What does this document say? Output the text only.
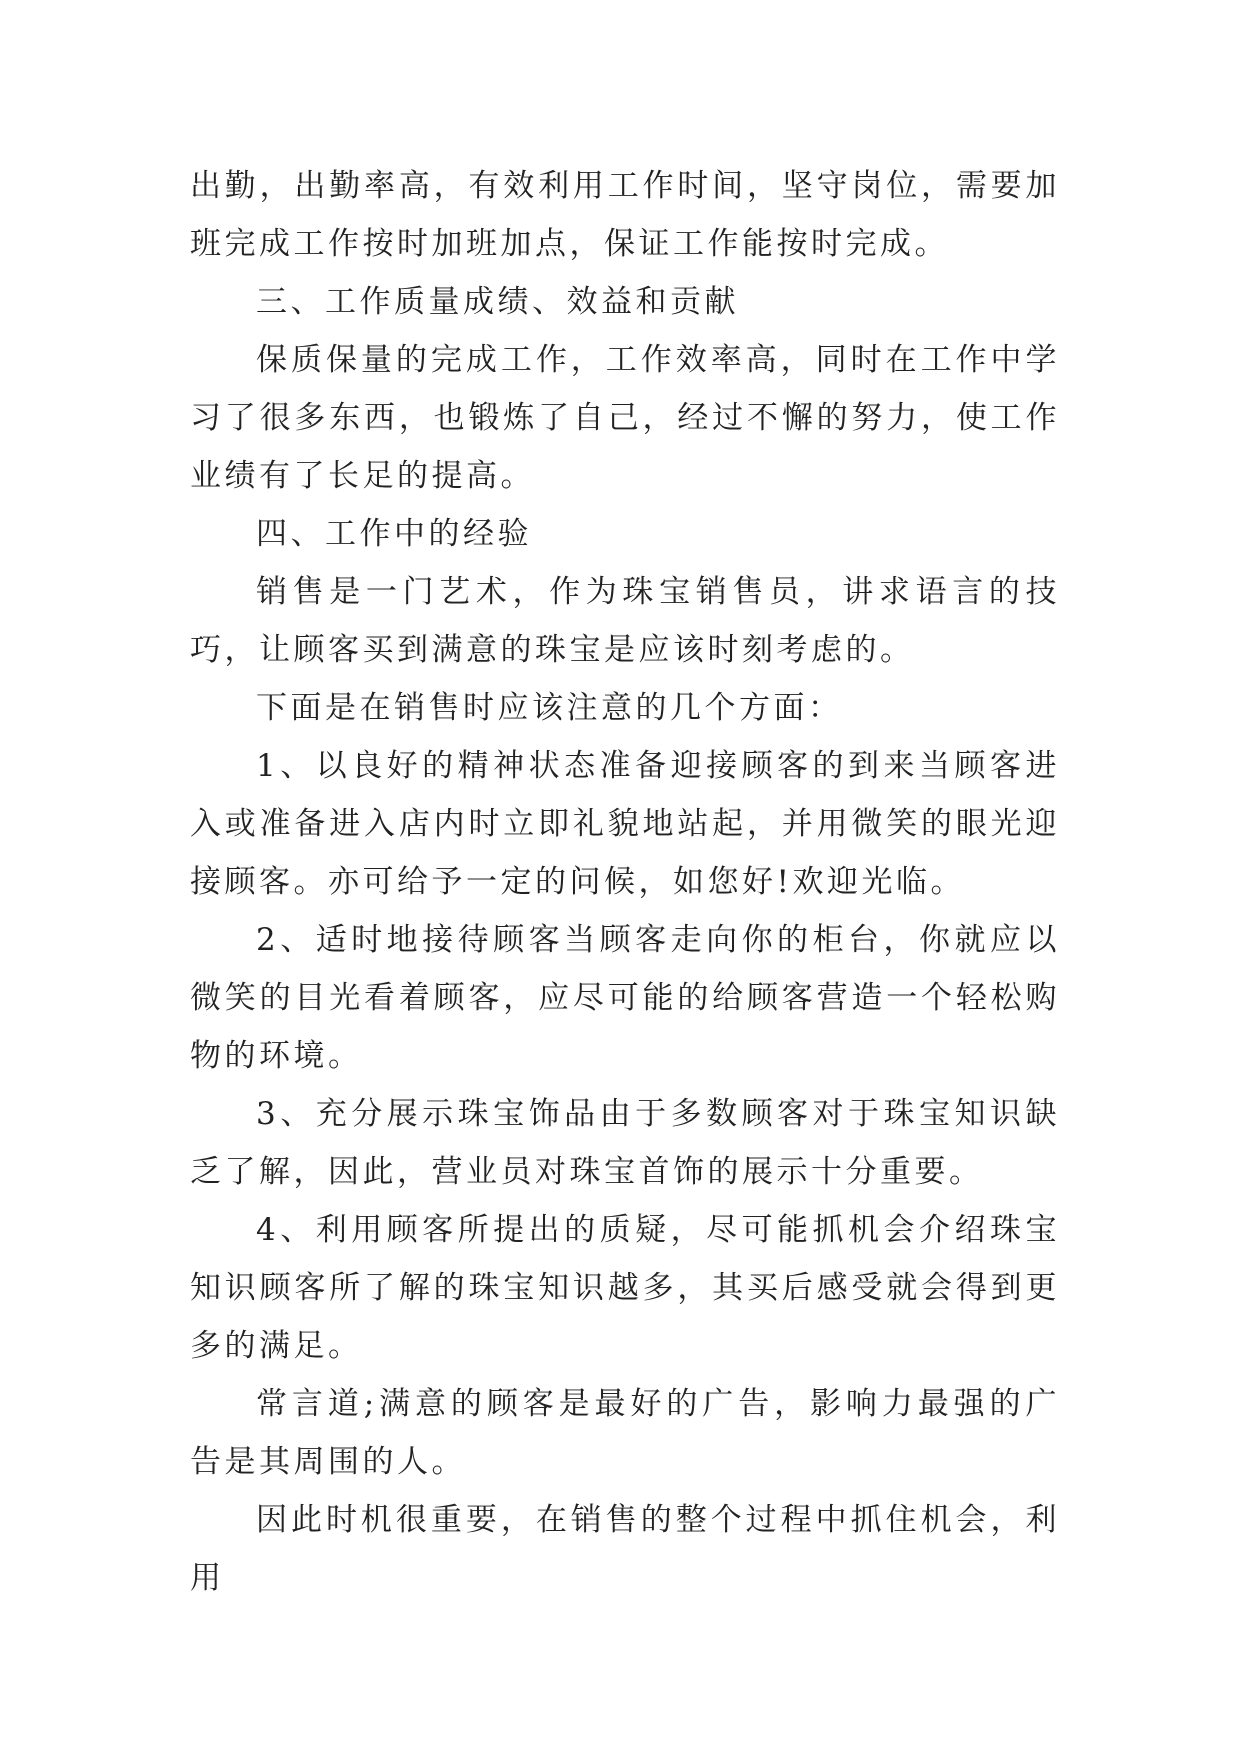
出勤，出勤率高，有效利用工作时间，坚守岗位，需要加班完成工作按时加班加点，保证工作能按时完成。

三、工作质量成绩、效益和贡献

保质保量的完成工作，工作效率高，同时在工作中学习了很多东西，也锻炼了自己，经过不懈的努力，使工作业绩有了长足的提高。

四、工作中的经验

销售是一门艺术，作为珠宝销售员，讲求语言的技巧，让顾客买到满意的珠宝是应该时刻考虑的。

下面是在销售时应该注意的几个方面：

1、以良好的精神状态准备迎接顾客的到来当顾客进入或准备进入店内时立即礼貌地站起，并用微笑的眼光迎接顾客。亦可给予一定的问候，如您好!欢迎光临。

2、适时地接待顾客当顾客走向你的柜台，你就应以微笑的目光看着顾客，应尽可能的给顾客营造一个轻松购物的环境。

3、充分展示珠宝饰品由于多数顾客对于珠宝知识缺乏了解，因此，营业员对珠宝首饰的展示十分重要。

4、利用顾客所提出的质疑，尽可能抓机会介绍珠宝知识顾客所了解的珠宝知识越多，其买后感受就会得到更多的满足。

常言道;满意的顾客是最好的广告，影响力最强的广告是其周围的人。

因此时机很重要，在销售的整个过程中抓住机会，利用
